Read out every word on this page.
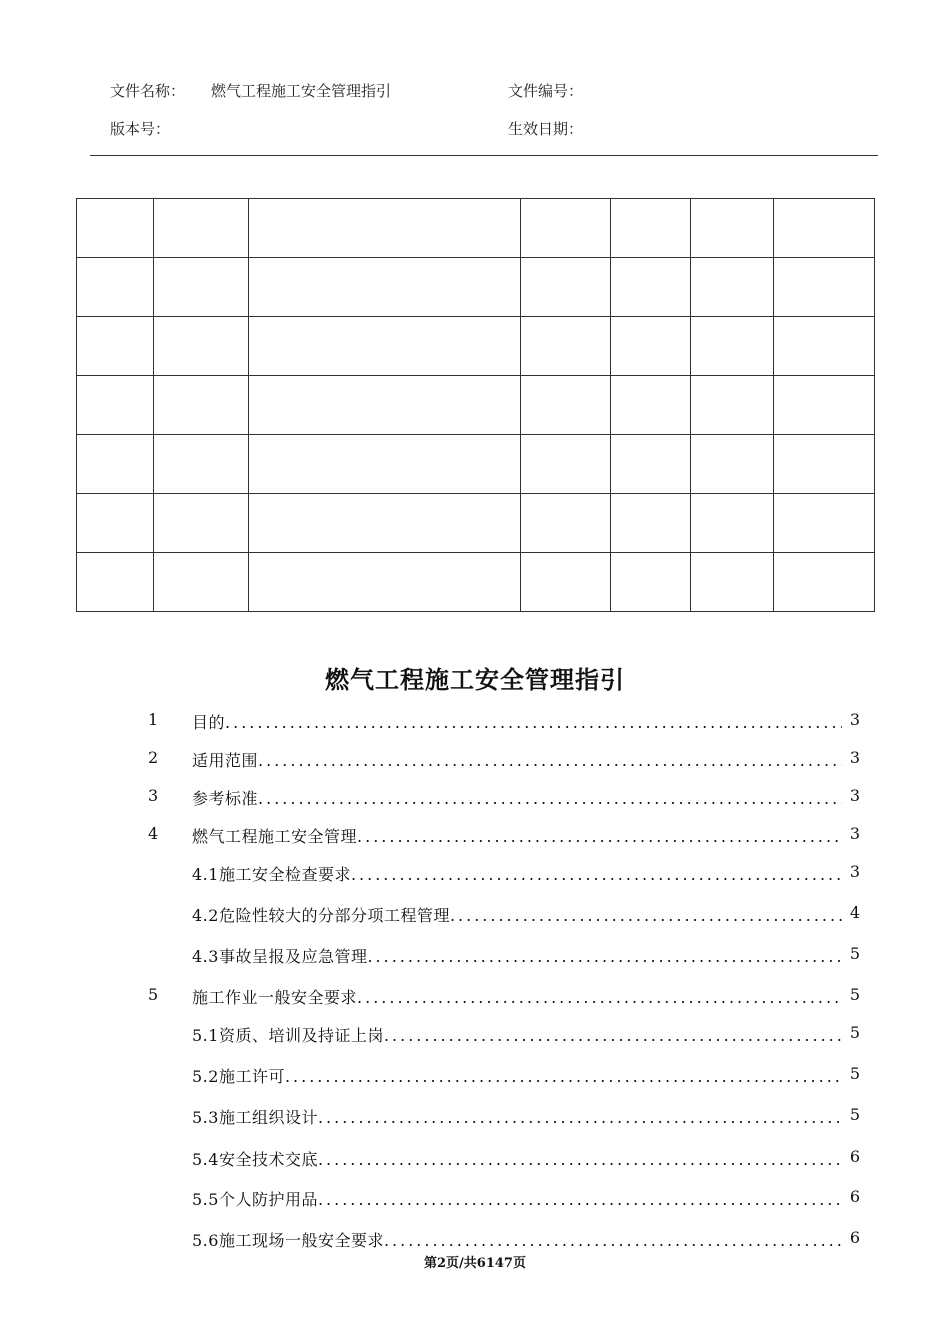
文件名称： 燃气工程施工安全管理指引	文件编号：
版本号：	生效日期：

燃气工程施工安全管理指引
1 目的 .....	3
2 适用范围 .....	3
3 参考标准 .....	3
4 燃气工程施工安全管理 .....	3
4.1施工安全检查要求 .....	3
4.2危险性较大的分部分项工程管理 .....	4
4.3事故呈报及应急管理 .....	5
5 施工作业一般安全要求 .....	5
5.1资质、培训及持证上岗 .....	5
5.2施工许可 .....	5
5.3施工组织设计 .....	5
5.4安全技术交底 .....	6
5.5个人防护用品 .....	6
5.6施工现场一般安全要求 .....	6
第2页/共6147页
